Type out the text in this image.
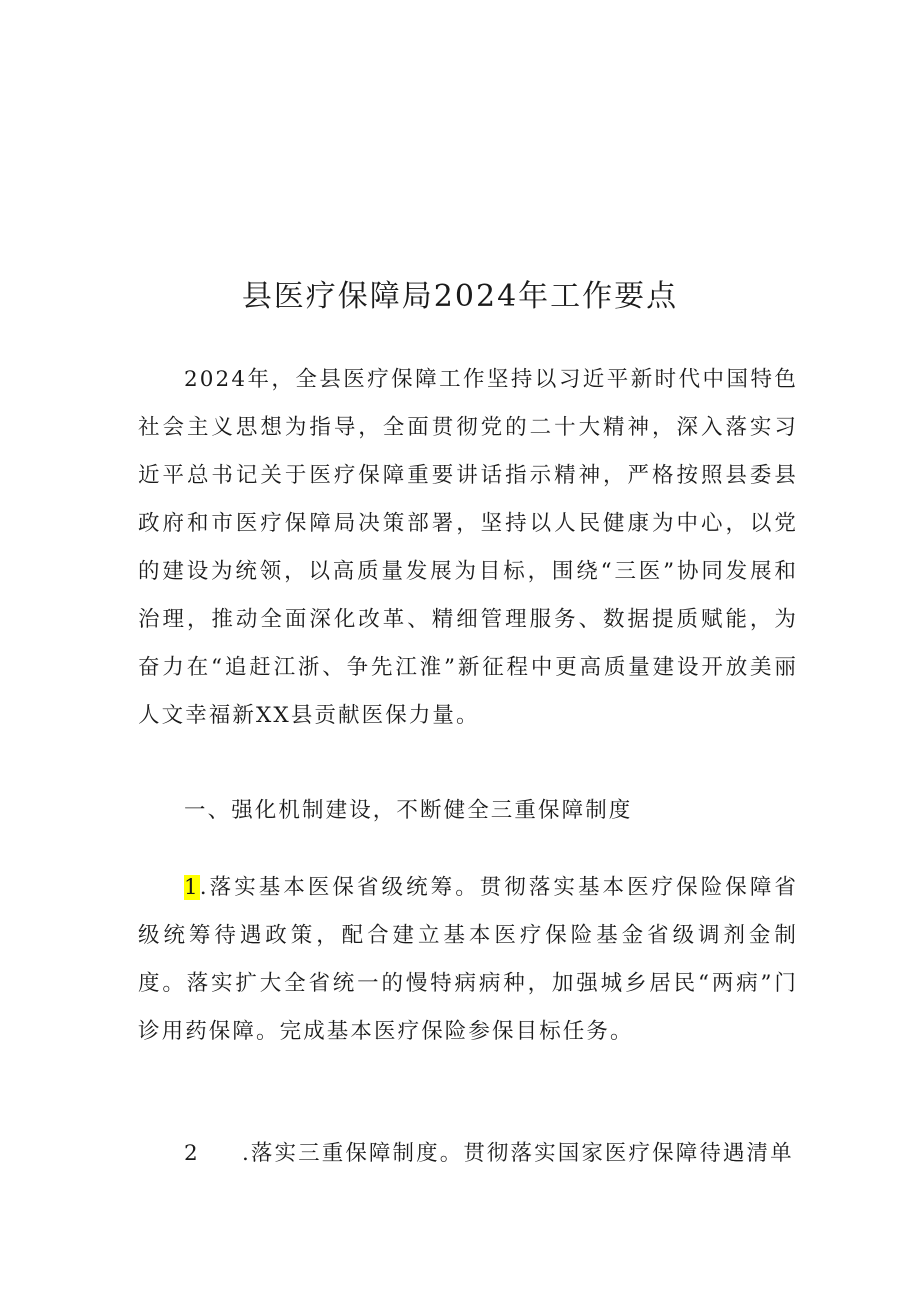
县医疗保障局2024年工作要点

2024年，全县医疗保障工作坚持以习近平新时代中国特色社会主义思想为指导，全面贯彻党的二十大精神，深入落实习近平总书记关于医疗保障重要讲话指示精神，严格按照县委县政府和市医疗保障局决策部署，坚持以人民健康为中心，以党的建设为统领，以高质量发展为目标，围绕“三医”协同发展和治理，推动全面深化改革、精细管理服务、数据提质赋能，为奋力在“追赶江浙、争先江淮”新征程中更高质量建设开放美丽人文幸福新XX县贡献医保力量。

一、强化机制建设，不断健全三重保障制度

1.落实基本医保省级统筹。贯彻落实基本医疗保险保障省级统筹待遇政策，配合建立基本医疗保险基金省级调剂金制度。落实扩大全省统一的慢特病病种，加强城乡居民“两病”门诊用药保障。完成基本医疗保险参保目标任务。

2 .落实三重保障制度。贯彻落实国家医疗保障待遇清单
